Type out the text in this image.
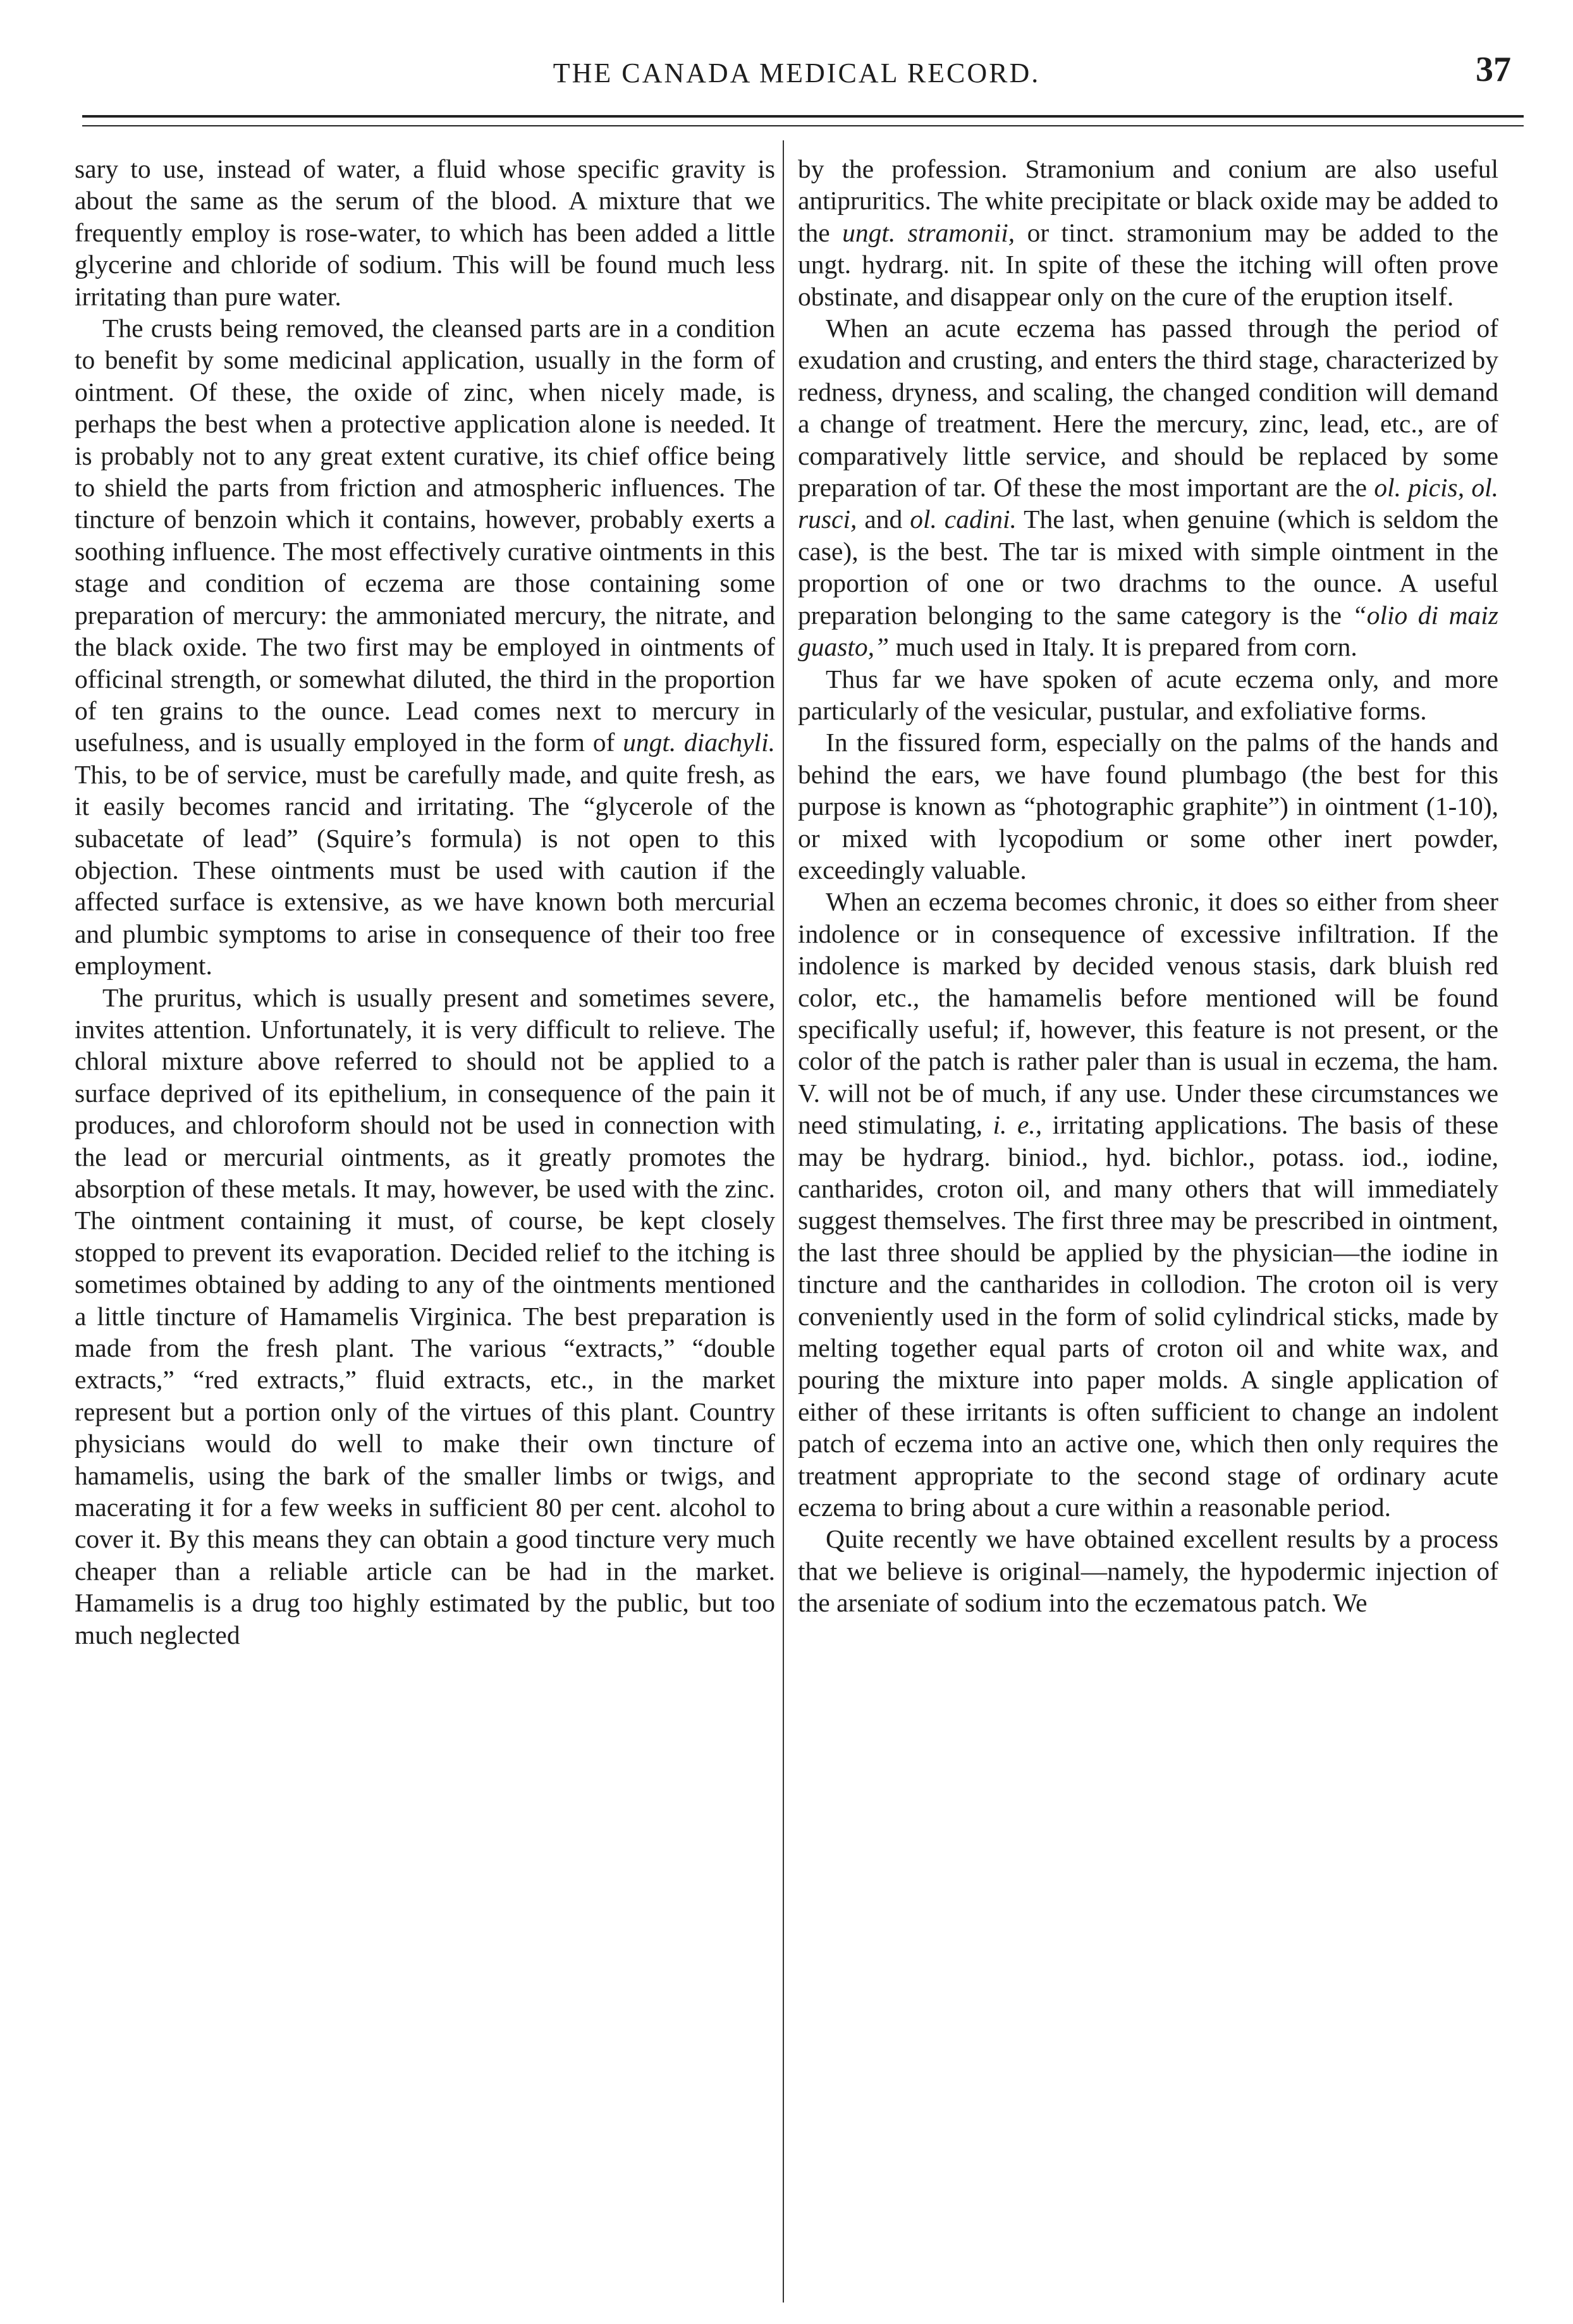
THE CANADA MEDICAL RECORD.	37

sary to use, instead of water, a fluid whose specific gravity is about the same as the serum of the blood. A mixture that we frequently employ is rose-water, to which has been added a little glycerine and chloride of sodium. This will be found much less irritating than pure water.

The crusts being removed, the cleansed parts are in a condition to benefit by some medicinal application, usually in the form of ointment. Of these, the oxide of zinc, when nicely made, is perhaps the best when a protective application alone is needed. It is probably not to any great extent curative, its chief office being to shield the parts from friction and atmospheric influences. The tincture of benzoin which it contains, however, probably exerts a soothing influence. The most effectively curative ointments in this stage and condition of eczema are those containing some preparation of mercury: the ammoniated mercury, the nitrate, and the black oxide. The two first may be employed in ointments of officinal strength, or somewhat diluted, the third in the proportion of ten grains to the ounce. Lead comes next to mercury in usefulness, and is usually employed in the form of ungt. diachyli. This, to be of service, must be carefully made, and quite fresh, as it easily becomes rancid and irritating. The “glycerole of the subacetate of lead” (Squire’s formula) is not open to this objection. These ointments must be used with caution if the affected surface is extensive, as we have known both mercurial and plumbic symptoms to arise in consequence of their too free employment.

The pruritus, which is usually present and sometimes severe, invites attention. Unfortunately, it is very difficult to relieve. The chloral mixture above referred to should not be applied to a surface deprived of its epithelium, in consequence of the pain it produces, and chloroform should not be used in connection with the lead or mercurial ointments, as it greatly promotes the absorption of these metals. It may, however, be used with the zinc. The ointment containing it must, of course, be kept closely stopped to prevent its evaporation. Decided relief to the itching is sometimes obtained by adding to any of the ointments mentioned a little tincture of Hamamelis Virginica. The best preparation is made from the fresh plant. The various “extracts,” “double extracts,” “red extracts,” fluid extracts, etc., in the market represent but a portion only of the virtues of this plant. Country physicians would do well to make their own tincture of hamamelis, using the bark of the smaller limbs or twigs, and macerating it for a few weeks in sufficient 80 per cent. alcohol to cover it. By this means they can obtain a good tincture very much cheaper than a reliable article can be had in the market. Hamamelis is a drug too highly estimated by the public, but too much neglected

by the profession. Stramonium and conium are also useful antipruritics. The white precipitate or black oxide may be added to the ungt. stramonii, or tinct. stramonium may be added to the ungt. hydrarg. nit. In spite of these the itching will often prove obstinate, and disappear only on the cure of the eruption itself.

When an acute eczema has passed through the period of exudation and crusting, and enters the third stage, characterized by redness, dryness, and scaling, the changed condition will demand a change of treatment. Here the mercury, zinc, lead, etc., are of comparatively little service, and should be replaced by some preparation of tar. Of these the most important are the ol. picis, ol. rusci, and ol. cadini. The last, when genuine (which is seldom the case), is the best. The tar is mixed with simple ointment in the proportion of one or two drachms to the ounce. A useful preparation belonging to the same category is the “olio di maiz guasto,” much used in Italy. It is prepared from corn.

Thus far we have spoken of acute eczema only, and more particularly of the vesicular, pustular, and exfoliative forms.

In the fissured form, especially on the palms of the hands and behind the ears, we have found plumbago (the best for this purpose is known as “photographic graphite”) in ointment (1-10), or mixed with lycopodium or some other inert powder, exceedingly valuable.

When an eczema becomes chronic, it does so either from sheer indolence or in consequence of excessive infiltration. If the indolence is marked by decided venous stasis, dark bluish red color, etc., the hamamelis before mentioned will be found specifically useful; if, however, this feature is not present, or the color of the patch is rather paler than is usual in eczema, the ham. V. will not be of much, if any use. Under these circumstances we need stimulating, i. e., irritating applications. The basis of these may be hydrarg. biniod., hyd. bichlor., potass. iod., iodine, cantharides, croton oil, and many others that will immediately suggest themselves. The first three may be prescribed in ointment, the last three should be applied by the physician—the iodine in tincture and the cantharides in collodion. The croton oil is very conveniently used in the form of solid cylindrical sticks, made by melting together equal parts of croton oil and white wax, and pouring the mixture into paper molds. A single application of either of these irritants is often sufficient to change an indolent patch of eczema into an active one, which then only requires the treatment appropriate to the second stage of ordinary acute eczema to bring about a cure within a reasonable period.

Quite recently we have obtained excellent results by a process that we believe is original—namely, the hypodermic injection of the arseniate of sodium into the eczematous patch. We
